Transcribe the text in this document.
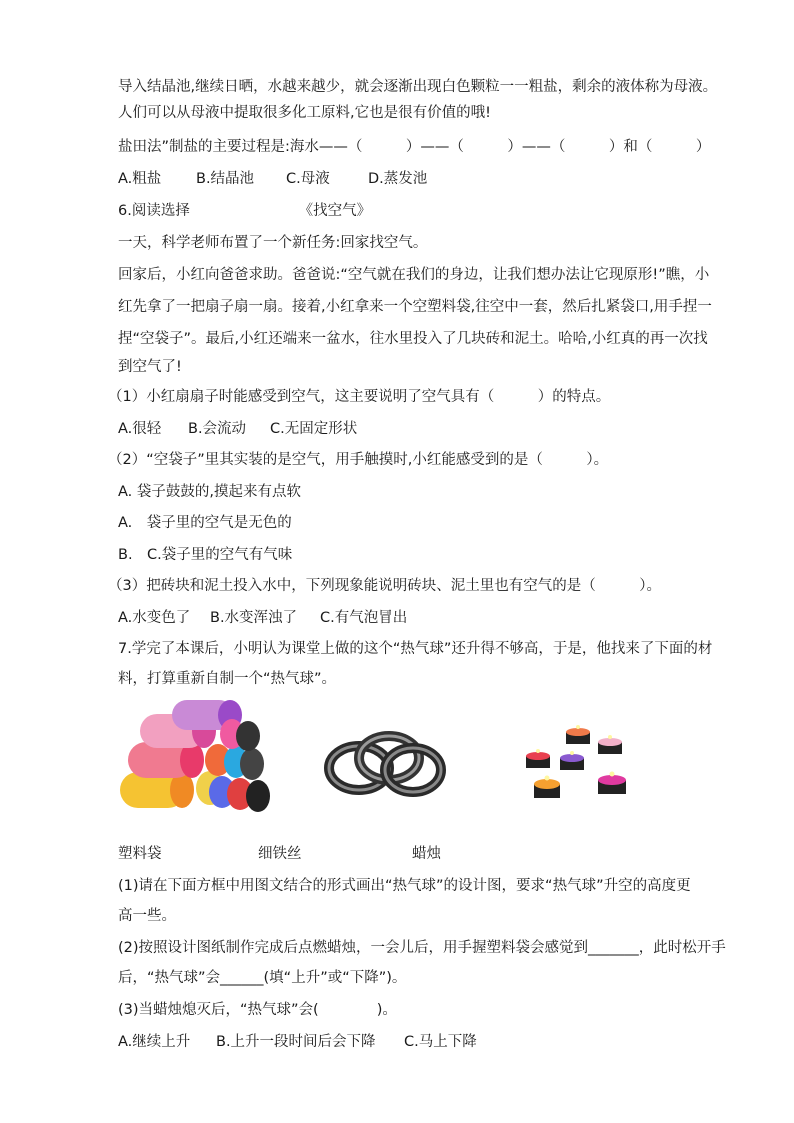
导入结晶池,继续日晒，水越来越少，就会逐渐出现白色颗粒一一粗盐，剩余的液体称为母液。
人们可以从母液中提取很多化工原料,它也是很有价值的哦!
盐田法”制盐的主要过程是:海水——（　　　）——（　　　）——（　　　）和（　　　）
A.粗盐 B.结晶池 C.母液	D.蒸发池
6.阅读选择　　　　　　　　《找空气》
一天，科学老师布置了一个新任务:回家找空气。
回家后，小红向爸爸求助。爸爸说:“空气就在我们的身边，让我们想办法让它现原形!”瞧，小
红先拿了一把扇子扇一扇。接着,小红拿来一个空塑料袋,往空中一套，然后扎紧袋口,用手捏一
捏“空袋子”。最后,小红还端来一盆水，往水里投入了几块砖和泥土。哈哈,小红真的再一次找
到空气了!
（1）小红扇扇子时能感受到空气，这主要说明了空气具有（　　　）的特点。
A.很轻 B.会流动 C.无固定形状
（2）“空袋子”里其实装的是空气，用手触摸时,小红能感受到的是（　　　）。
A. 袋子鼓鼓的,摸起来有点软
A.　袋子里的空气是无色的
B.　C.袋子里的空气有气味
（3）把砖块和泥土投入水中，下列现象能说明砖块、泥土里也有空气的是（　　　）。
A.水变色了 B.水变浑浊了 C.有气泡冒出
7.学完了本课后，小明认为课堂上做的这个“热气球”还升得不够高，于是，他找来了下面的材
料，打算重新自制一个“热气球”。
塑料袋	细铁丝	蜡烛
(1)请在下面方框中用图文结合的形式画出“热气球”的设计图，要求“热气球”升空的高度更
高一些。
(2)按照设计图纸制作完成后点燃蜡烛，一会儿后，用手握塑料袋会感觉到_______，此时松开手
后，“热气球”会______(填“上升”或“下降”)。
(3)当蜡烛熄灭后，“热气球”会(　　　　)。
A.继续上升 B.上升一段时间后会下降 C.马上下降
